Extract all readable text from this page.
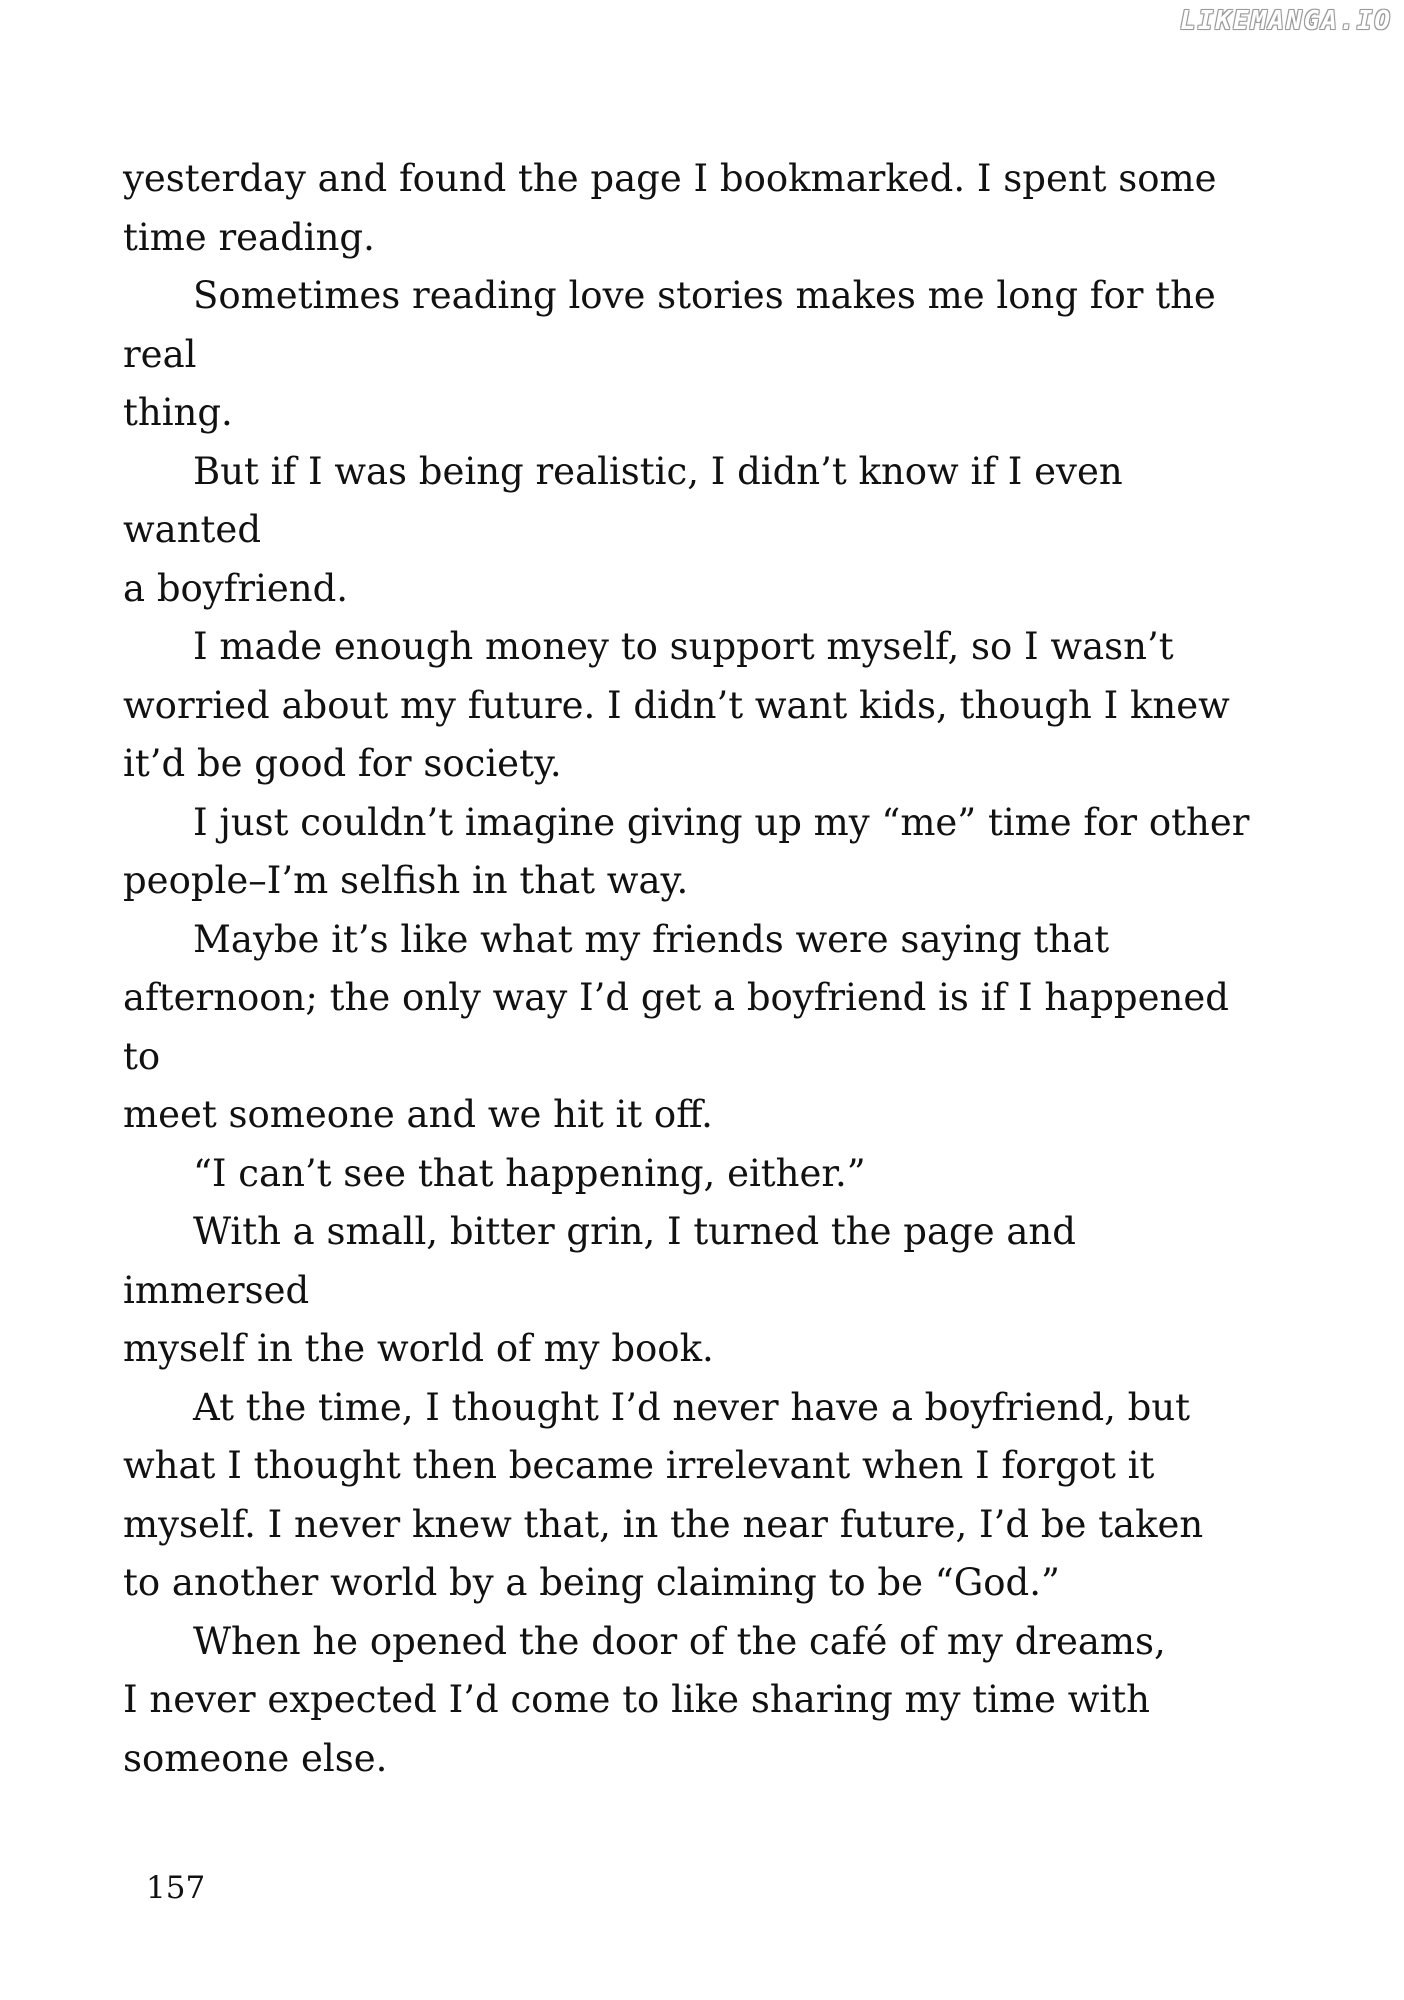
LIKEMANGA.IO

yesterday and found the page I bookmarked. I spent some
time reading.

Sometimes reading love stories makes me long for the real
thing.

But if I was being realistic, I didn’t know if I even wanted
a boyfriend.

I made enough money to support myself, so I wasn’t
worried about my future. I didn’t want kids, though I knew
it’d be good for society.

I just couldn’t imagine giving up my “me” time for other
people–I’m selfish in that way.

Maybe it’s like what my friends were saying that
afternoon; the only way I’d get a boyfriend is if I happened to
meet someone and we hit it off.

“I can’t see that happening, either.”

With a small, bitter grin, I turned the page and immersed
myself in the world of my book.

At the time, I thought I’d never have a boyfriend, but
what I thought then became irrelevant when I forgot it
myself. I never knew that, in the near future, I’d be taken
to another world by a being claiming to be “God.”

When he opened the door of the café of my dreams,
I never expected I’d come to like sharing my time with
someone else.

157
